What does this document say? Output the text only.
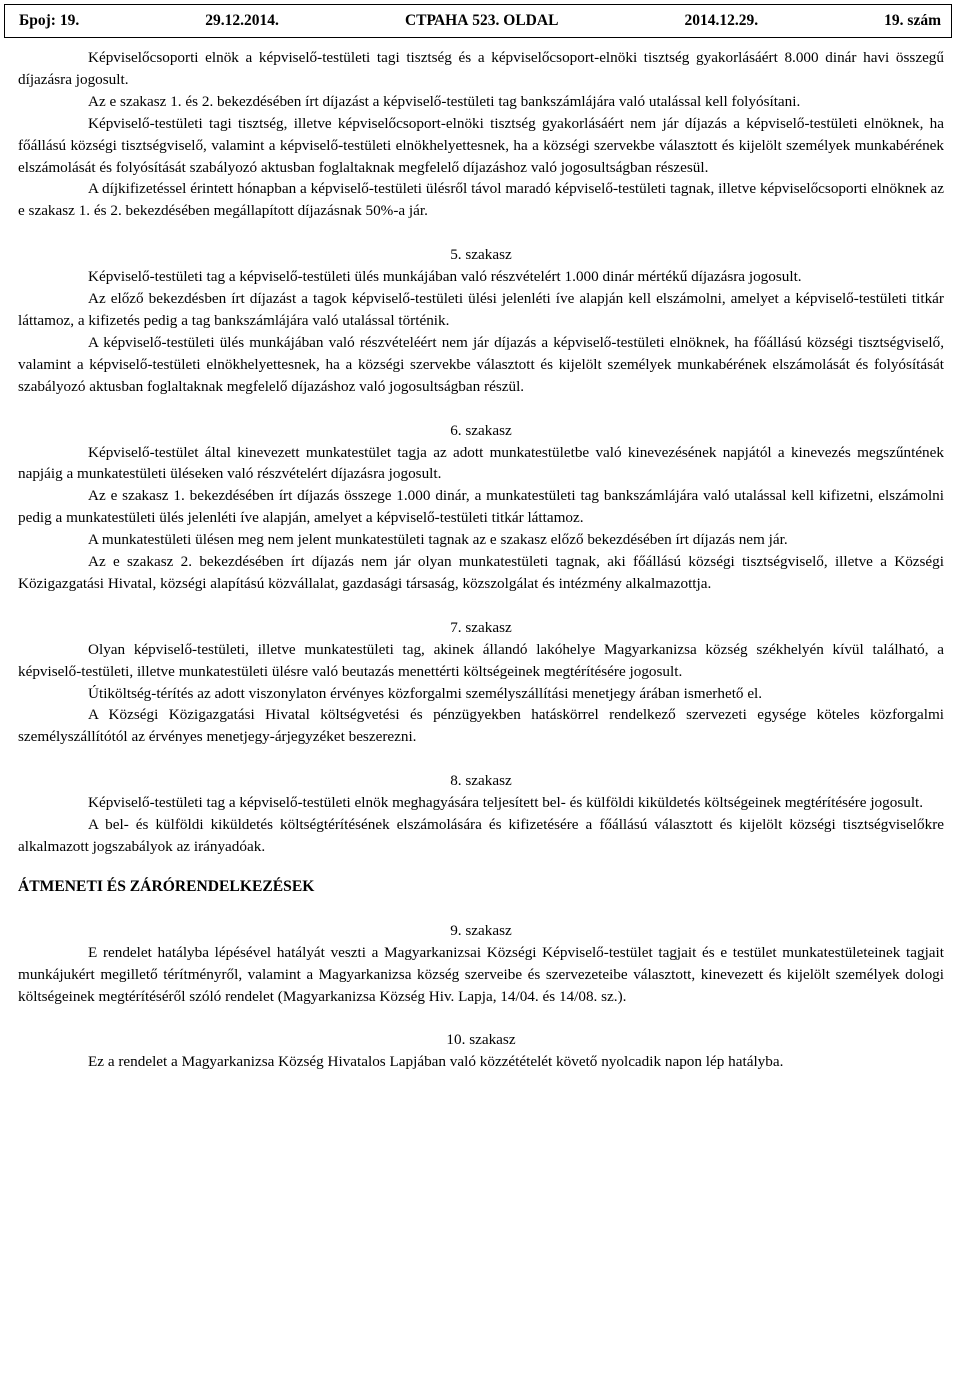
Број: 19.	29.12.2014.	СТРАНА 523. OLDAL	2014.12.29.	19. szám

Képviselőcsoporti elnök a képviselő-testületi tagi tisztség és a képviselőcsoport-elnöki tisztség gyakorlásáért 8.000 dinár havi összegű díjazásra jogosult.

Az e szakasz 1. és 2. bekezdésében írt díjazást a képviselő-testületi tag bankszámlájára való utalással kell folyósítani.

Képviselő-testületi tagi tisztség, illetve képviselőcsoport-elnöki tisztség gyakorlásáért nem jár díjazás a képviselő-testületi elnöknek, ha főállású községi tisztségviselő, valamint a képviselő-testületi elnökhelyettesnek, ha a községi szervekbe választott és kijelölt személyek munkabérének elszámolását és folyósítását szabályozó aktusban foglaltaknak megfelelő díjazáshoz való jogosultságban részesül.

A díjkifizetéssel érintett hónapban a képviselő-testületi ülésről távol maradó képviselő-testületi tagnak, illetve képviselőcsoporti elnöknek az e szakasz 1. és 2. bekezdésében megállapított díjazásnak 50%-a jár.

5. szakasz

Képviselő-testületi tag a képviselő-testületi ülés munkájában való részvételért 1.000 dinár mértékű díjazásra jogosult.

Az előző bekezdésben írt díjazást a tagok képviselő-testületi ülési jelenléti íve alapján kell elszámolni, amelyet a képviselő-testületi titkár láttamoz, a kifizetés pedig a tag bankszámlájára való utalással történik.

A képviselő-testületi ülés munkájában való részvételéért nem jár díjazás a képviselő-testületi elnöknek, ha főállású községi tisztségviselő, valamint a képviselő-testületi elnökhelyettesnek, ha a községi szervekbe választott és kijelölt személyek munkabérének elszámolását és folyósítását szabályozó aktusban foglaltaknak megfelelő díjazáshoz való jogosultságban részül.

6. szakasz

Képviselő-testület által kinevezett munkatestület tagja az adott munkatestületbe való kinevezésének napjától a kinevezés megszűntének napjáig a munkatestületi üléseken való részvételért díjazásra jogosult.

Az e szakasz 1. bekezdésében írt díjazás összege 1.000 dinár, a munkatestületi tag bankszámlájára való utalással kell kifizetni, elszámolni pedig a munkatestületi ülés jelenléti íve alapján, amelyet a képviselő-testületi titkár láttamoz.

A munkatestületi ülésen meg nem jelent munkatestületi tagnak az e szakasz előző bekezdésében írt díjazás nem jár.

Az e szakasz 2. bekezdésében írt díjazás nem jár olyan munkatestületi tagnak, aki főállású községi tisztségviselő, illetve a Községi Közigazgatási Hivatal, községi alapítású közvállalat, gazdasági társaság, közszolgálat és intézmény alkalmazottja.

7. szakasz

Olyan képviselő-testületi, illetve munkatestületi tag, akinek állandó lakóhelye Magyarkanizsa község székhelyén kívül található, a képviselő-testületi, illetve munkatestületi ülésre való beutazás menettérti költségeinek megtérítésére jogosult.

Útiköltség-térítés az adott viszonylaton érvényes közforgalmi személyszállítási menetjegy árában ismerhető el.

A Községi Közigazgatási Hivatal költségvetési és pénzügyekben hatáskörrel rendelkező szervezeti egysége köteles közforgalmi személyszállítótól az érvényes menetjegy-árjegyzéket beszerezni.

8. szakasz

Képviselő-testületi tag a képviselő-testületi elnök meghagyására teljesített bel- és külföldi kiküldetés költségeinek megtérítésére jogosult.

A bel- és külföldi kiküldetés költségtérítésének elszámolására és kifizetésére a főállású választott és kijelölt községi tisztségviselőkre alkalmazott jogszabályok az irányadóak.

ÁTMENETI ÉS ZÁRÓRENDELKEZÉSEK
9. szakasz

E rendelet hatályba lépésével hatályát veszti a Magyarkanizsai Községi Képviselő-testület tagjait és e testület munkatestületeinek tagjait munkájukért megillető térítményről, valamint a Magyarkanizsa község szerveibe és szervezeteibe választott, kinevezett és kijelölt személyek dologi költségeinek megtérítéséről szóló rendelet (Magyarkanizsa Község Hiv. Lapja, 14/04. és 14/08. sz.).

10. szakasz

Ez a rendelet a Magyarkanizsa Község Hivatalos Lapjában való közzétételét követő nyolcadik napon lép hatályba.
